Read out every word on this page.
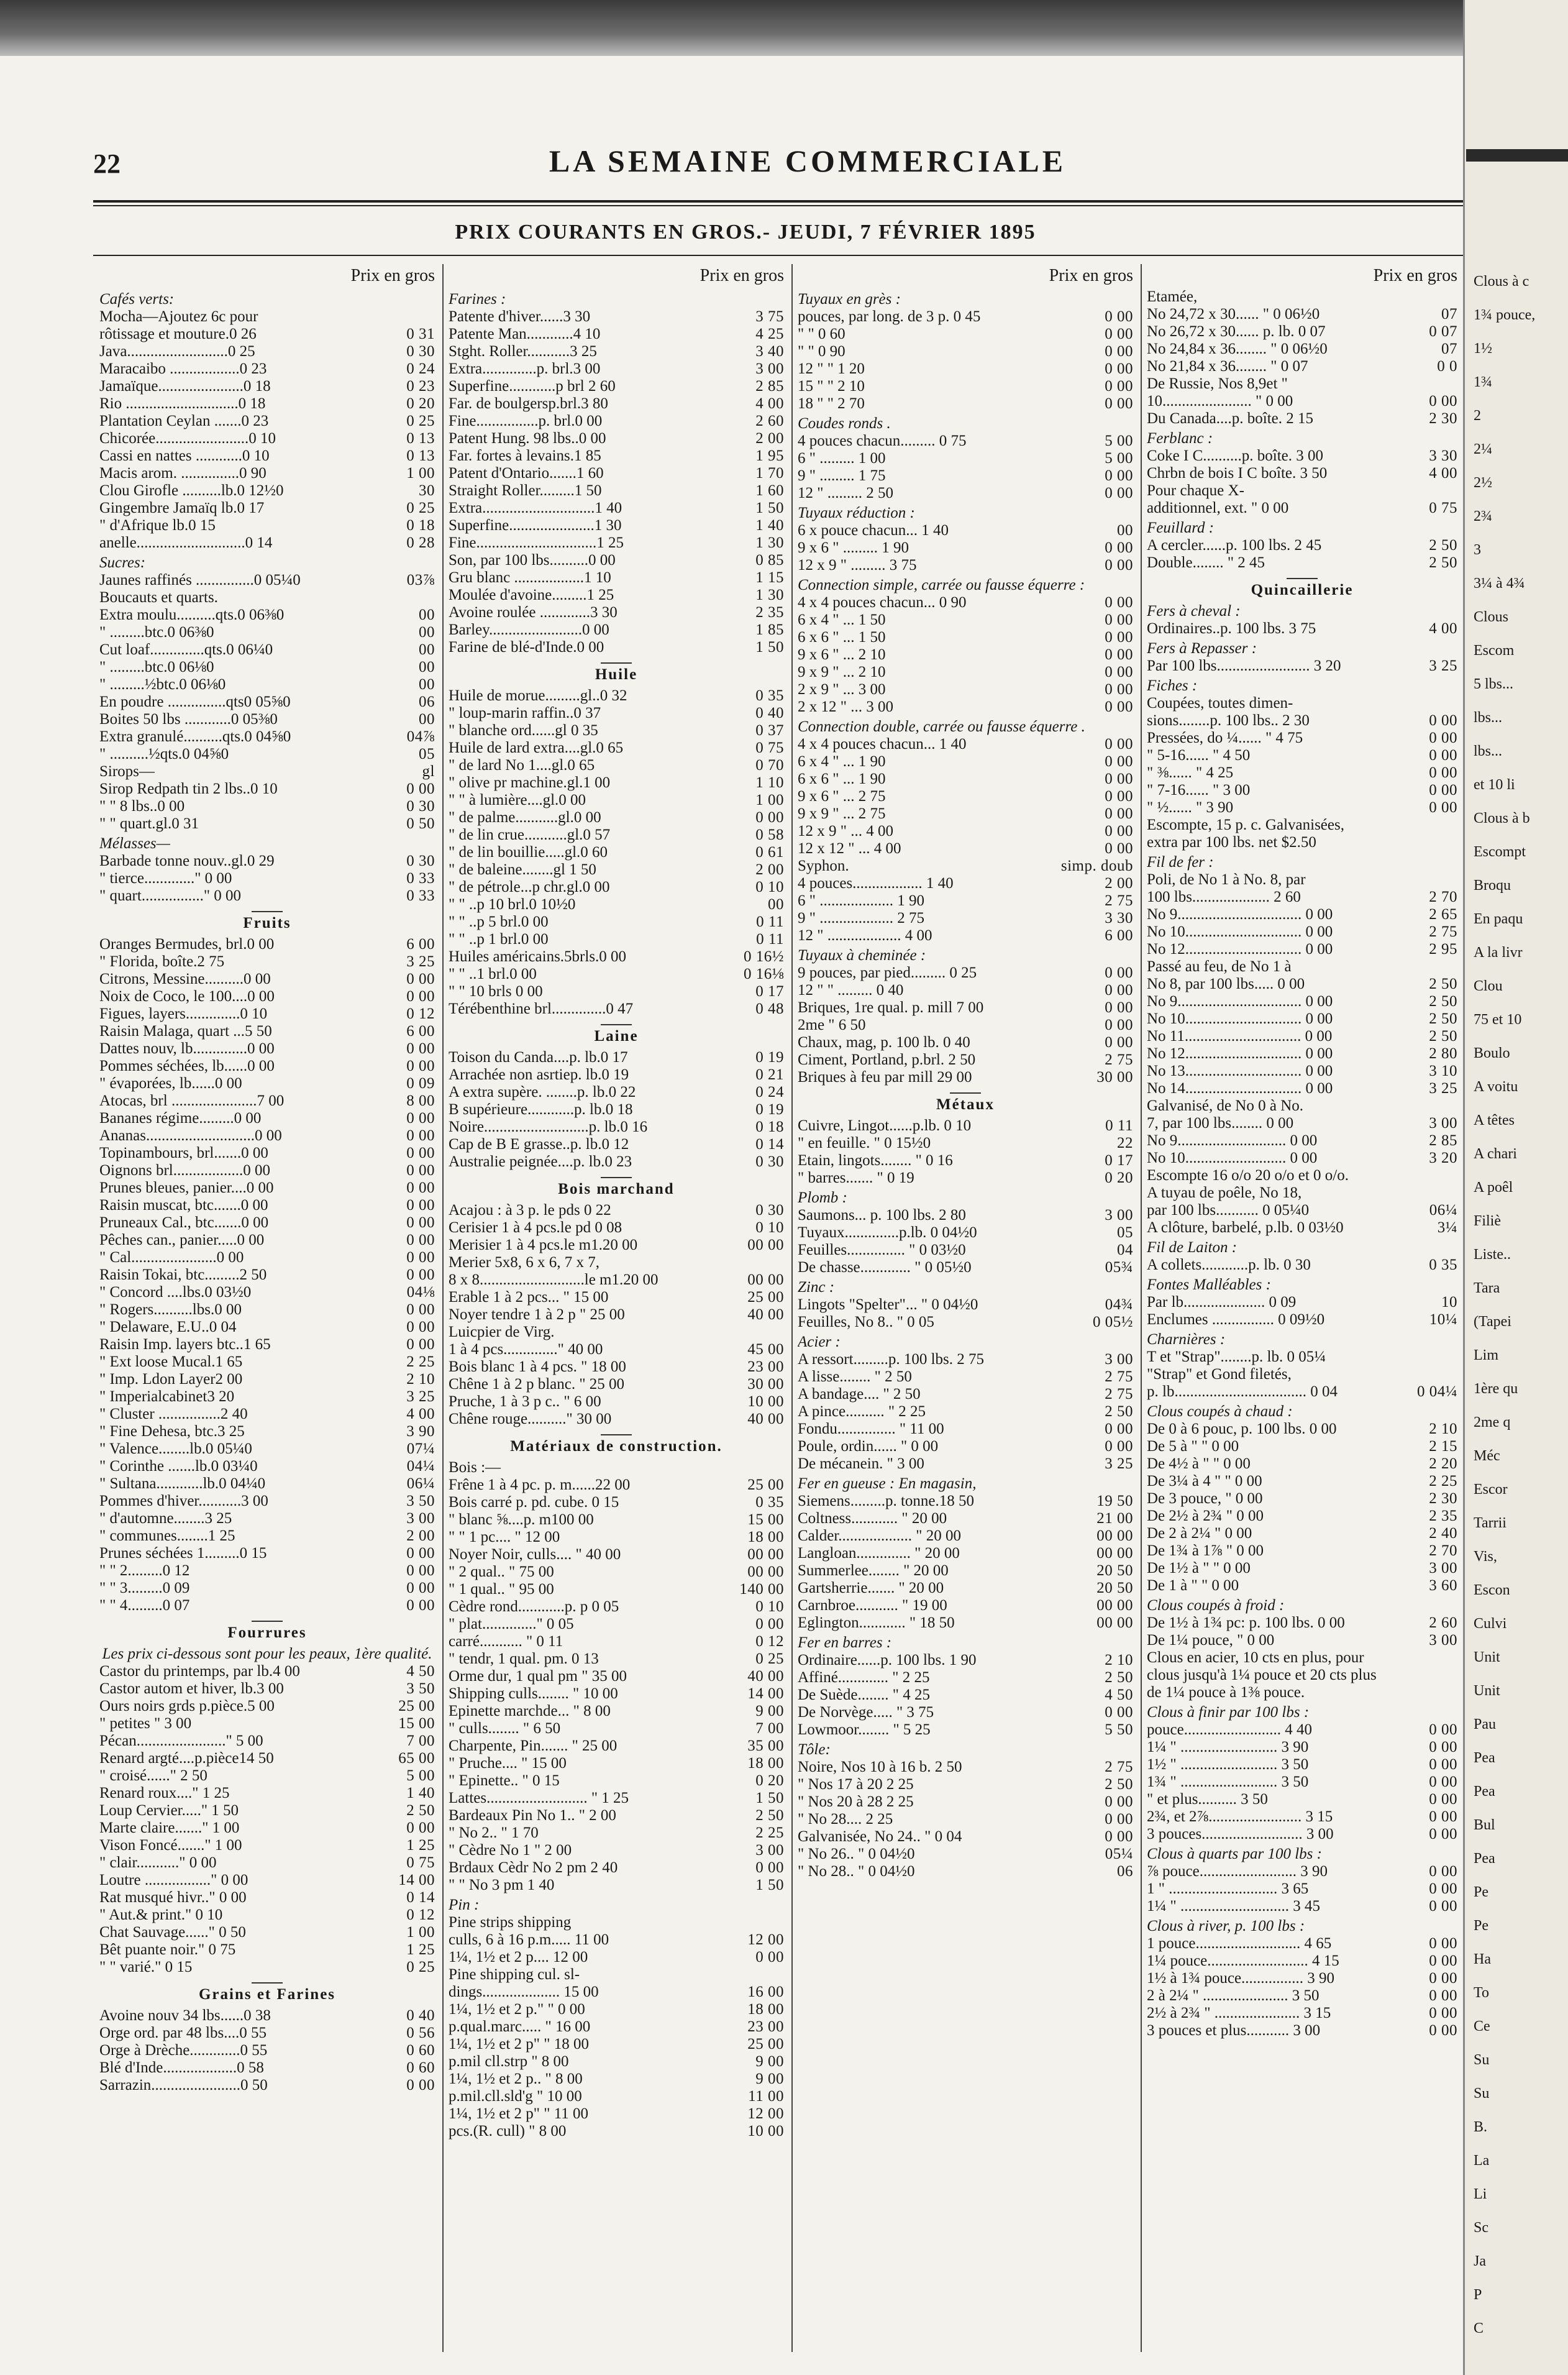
22	LA SEMAINE COMMERCIALE
PRIX COURANTS EN GROS.- JEUDI, 7 FÉVRIER 1895
Prix en gros
Cafés verts:
Mocha—Ajoutez 6c pour
rôtissage et mouture.0 26	0 31
Java..........................0 25	0 30
Maracaibo ..................0 23	0 24
Jamaïque......................0 18	0 23
Rio .............................0 18	0 20
Plantation Ceylan .......0 23	0 25
Chicorée........................0 10	0 13
Cassi en nattes ............0 10	0 13
Macis arom. ...............0 90	1 00
Clou Girofle ..........lb.0 12½0	30
Gingembre Jamaïq lb.0 17	0 25
" d'Afrique lb.0 15	0 18
anelle............................0 14	0 28
Sucres:
Jaunes raffinés ...............0 05¼0	03⅞
Boucauts et quarts.
Extra moulu..........qts.0 06⅜0	00
" .........btc.0 06⅜0	00
Cut loaf..............qts.0 06¼0	00
" .........btc.0 06⅛0	00
" .........½btc.0 06⅛0	00
En poudre ...............qts0 05⅝0	06
Boites 50 lbs ............0 05⅜0	00
Extra granulé..........qts.0 04⅝0	04⅞
" ..........½qts.0 04⅝0	05
Sirops—	gl
Sirop Redpath tin 2 lbs..0 10	0 00
" " 8 lbs..0 00	0 30
" " quart.gl.0 31	0 50
Mélasses—
Barbade tonne nouv..gl.0 29	0 30
" tierce............." 0 00	0 33
" quart................" 0 00	0 33
Fruits
Oranges Bermudes, brl.0 00	6 00
" Florida, boîte.2 75	3 25
Citrons, Messine..........0 00	0 00
Noix de Coco, le 100....0 00	0 00
Figues, layers..............0 10	0 12
Raisin Malaga, quart ...5 50	6 00
Dattes nouv, lb..............0 00	0 00
Pommes séchées, lb......0 00	0 00
" évaporées, lb......0 00	0 09
Atocas, brl ......................7 00	8 00
Bananes régime.........0 00	0 00
Ananas............................0 00	0 00
Topinambours, brl.......0 00	0 00
Oignons brl..................0 00	0 00
Prunes bleues, panier....0 00	0 00
Raisin muscat, btc.......0 00	0 00
Pruneaux Cal., btc.......0 00	0 00
Pêches can., panier.....0 00	0 00
" Cal......................0 00	0 00
Raisin Tokai, btc.........2 50	0 00
" Concord ....lbs.0 03½0	04⅛
" Rogers..........lbs.0 00	0 00
" Delaware, E.U..0 04	0 00
Raisin Imp. layers btc..1 65	0 00
" Ext loose Mucal.1 65	2 25
" Imp. Ldon Layer2 00	2 10
" Imperialcabinet3 20	3 25
" Cluster ................2 40	4 00
" Fine Dehesa, btc.3 25	3 90
" Valence........lb.0 05¼0	07¼
" Corinthe .......lb.0 03¼0	04¼
" Sultana............lb.0 04¼0	06¼
Pommes d'hiver...........3 00	3 50
" d'automne........3 25	3 00
" communes........1 25	2 00
Prunes séchées 1.........0 15	0 00
" " 2.........0 12	0 00
" " 3.........0 09	0 00
" " 4.........0 07	0 00
Fourrures
Les prix ci-dessous sont pour les peaux, 1ère qualité.
Castor du printemps, par lb.4 00	4 50
Castor autom et hiver, lb.3 00	3 50
Ours noirs grds p.pièce.5 00	25 00
" petites " 3 00	15 00
Pécan......................." 5 00	7 00
Renard argté....p.pièce14 50	65 00
" croisé......" 2 50	5 00
Renard roux...." 1 25	1 40
Loup Cervier....." 1 50	2 50
Marte claire......." 1 00	0 00
Vison Foncé......." 1 00	1 25
" clair..........." 0 00	0 75
Loutre ................." 0 00	14 00
Rat musqué hivr.." 0 00	0 14
" Aut.& print." 0 10	0 12
Chat Sauvage......" 0 50	1 00
Bêt puante noir." 0 75	1 25
" " varié." 0 15	0 25
Grains et Farines
Avoine nouv 34 lbs......0 38	0 40
Orge ord. par 48 lbs....0 55	0 56
Orge à Drèche.............0 55	0 60
Blé d'Inde...................0 58	0 60
Sarrazin.......................0 50	0 00
Prix en gros
Farines :
Patente d'hiver......3 30	3 75
Patente Man............4 10	4 25
Stght. Roller...........3 25	3 40
Extra..............p. brl.3 00	3 00
Superfine............p brl 2 60	2 85
Far. de boulgersp.brl.3 80	4 00
Fine................p. brl.0 00	2 60
Patent Hung. 98 lbs..0 00	2 00
Far. fortes à levains.1 85	1 95
Patent d'Ontario.......1 60	1 70
Straight Roller.........1 50	1 60
Extra.............................1 40	1 50
Superfine......................1 30	1 40
Fine...............................1 25	1 30
Son, par 100 lbs..........0 00	0 85
Gru blanc ..................1 10	1 15
Moulée d'avoine.........1 25	1 30
Avoine roulée .............3 30	2 35
Barley........................0 00	1 85
Farine de blé-d'Inde.0 00	1 50
Huile
Huile de morue.........gl..0 32	0 35
" loup-marin raffin..0 37	0 40
" blanche ord......gl 0 35	0 37
Huile de lard extra....gl.0 65	0 75
" de lard No 1....gl.0 65	0 70
" olive pr machine.gl.1 00	1 10
" " à lumière....gl.0 00	1 00
" de palme...........gl.0 00	0 00
" de lin crue...........gl.0 57	0 58
" de lin bouillie.....gl.0 60	0 61
" de baleine........gl 1 50	2 00
" de pétrole...p chr.gl.0 00	0 10
" " ..p 10 brl.0 10½0	00
" " ..p 5 brl.0 00	0 11
" " ..p 1 brl.0 00	0 11
Huiles américains.5brls.0 00	0 16½
" " ..1 brl.0 00	0 16⅛
" " 10 brls 0 00	0 17
Térébenthine brl..............0 47	0 48
Laine
Toison du Canda....p. lb.0 17	0 19
Arrachée non asrtiep. lb.0 19	0 21
A extra supère. ........p. lb.0 22	0 24
B supérieure............p. lb.0 18	0 19
Noire...........................p. lb.0 16	0 18
Cap de B E grasse..p. lb.0 12	0 14
Australie peignée....p. lb.0 23	0 30
Bois marchand
Acajou : à 3 p. le pds 0 22	0 30
Cerisier 1 à 4 pcs.le pd 0 08	0 10
Merisier 1 à 4 pcs.le m1.20 00	00 00
Merier 5x8, 6 x 6, 7 x 7,
8 x 8...........................le m1.20 00	00 00
Erable 1 à 2 pcs... " 15 00	25 00
Noyer tendre 1 à 2 p " 25 00	40 00
Luicpier de Virg.
1 à 4 pcs.............." 40 00	45 00
Bois blanc 1 à 4 pcs. " 18 00	23 00
Chêne 1 à 2 p blanc. " 25 00	30 00
Pruche, 1 à 3 p c.. " 6 00	10 00
Chêne rouge.........." 30 00	40 00
Matériaux de construction.
Bois :—
Frêne 1 à 4 pc. p. m......22 00	25 00
Bois carré p. pd. cube. 0 15	0 35
" blanc ⅝....p. m100 00	15 00
" " 1 pc.... " 12 00	18 00
Noyer Noir, culls.... " 40 00	00 00
" 2 qual.. " 75 00	00 00
" 1 qual.. " 95 00	140 00
Cèdre rond............p. p 0 05	0 10
" plat.............." 0 05	0 00
carré........... " 0 11	0 12
" tendr, 1 qual. pm. 0 13	0 25
Orme dur, 1 qual pm " 35 00	40 00
Shipping culls........ " 10 00	14 00
Epinette marchde... " 8 00	9 00
" culls........ " 6 50	7 00
Charpente, Pin....... " 25 00	35 00
" Pruche.... " 15 00	18 00
" Epinette.. " 0 15	0 20
Lattes.......................... " 1 25	1 50
Bardeaux Pin No 1.. " 2 00	2 50
" No 2.. " 1 70	2 25
" Cèdre No 1 " 2 00	3 00
Brdaux Cèdr No 2 pm 2 40	0 00
" " No 3 pm 1 40	1 50
Pin :
Pine strips shipping
culls, 6 à 16 p.m..... 11 00	12 00
1¼, 1½ et 2 p.... 12 00	0 00
Pine shipping cul. sl-
dings.................... 15 00	16 00
1¼, 1½ et 2 p." " 0 00	18 00
p.qual.marc..... " 16 00	23 00
1¼, 1½ et 2 p" " 18 00	25 00
p.mil cll.strp " 8 00	9 00
1¼, 1½ et 2 p.. " 8 00	9 00
p.mil.cll.sld'g " 10 00	11 00
1¼, 1½ et 2 p" " 11 00	12 00
pcs.(R. cull) " 8 00	10 00
Prix en gros
Tuyaux en grès :
pouces, par long. de 3 p. 0 45	0 00
" " 0 60	0 00
" " 0 90	0 00
12 " " 1 20	0 00
15 " " 2 10	0 00
18 " " 2 70	0 00
Coudes ronds .
4 pouces chacun......... 0 75	5 00
6 " ......... 1 00	5 00
9 " ......... 1 75	0 00
12 " ......... 2 50	0 00
Tuyaux réduction :
6 x pouce chacun... 1 40	00
9 x 6 " ......... 1 90	0 00
12 x 9 " ......... 3 75	0 00
Connection simple, carrée ou fausse équerre :
4 x 4 pouces chacun... 0 90	0 00
6 x 4 " ... 1 50	0 00
6 x 6 " ... 1 50	0 00
9 x 6 " ... 2 10	0 00
9 x 9 " ... 2 10	0 00
2 x 9 " ... 3 00	0 00
2 x 12 " ... 3 00	0 00
Connection double, carrée ou fausse équerre .
4 x 4 pouces chacun... 1 40	0 00
6 x 4 " ... 1 90	0 00
6 x 6 " ... 1 90	0 00
9 x 6 " ... 2 75	0 00
9 x 9 " ... 2 75	0 00
12 x 9 " ... 4 00	0 00
12 x 12 " ... 4 00	0 00
Syphon.	simp. doub
4 pouces.................. 1 40	2 00
6 " ................... 1 90	2 75
9 " ................... 2 75	3 30
12 " ................... 4 00	6 00
Tuyaux à cheminée :
9 pouces, par pied......... 0 25	0 00
12 " " ......... 0 40	0 00
Briques, 1re qual. p. mill 7 00	0 00
2me " 6 50	0 00
Chaux, mag, p. 100 lb. 0 40	0 00
Ciment, Portland, p.brl. 2 50	2 75
Briques à feu par mill 29 00	30 00
Métaux
Cuivre, Lingot......p.lb. 0 10	0 11
" en feuille. " 0 15½0	22
Etain, lingots........ " 0 16	0 17
" barres....... " 0 19	0 20
Plomb :
Saumons... p. 100 lbs. 2 80	3 00
Tuyaux..............p.lb. 0 04½0	05
Feuilles............... " 0 03½0	04
De chasse............. " 0 05½0	05¾
Zinc :
Lingots "Spelter"... " 0 04½0	04¾
Feuilles, No 8.. " 0 05	0 05½
Acier :
A ressort.........p. 100 lbs. 2 75	3 00
A lisse........ " 2 50	2 75
A bandage.... " 2 50	2 75
A pince.......... " 2 25	2 50
Fondu............... " 11 00	0 00
Poule, ordin...... " 0 00	0 00
De mécanein. " 3 00	3 25
Fer en gueuse : En magasin,
Siemens.........p. tonne.18 50	19 50
Coltness............ " 20 00	21 00
Calder................... " 20 00	00 00
Langloan.............. " 20 00	00 00
Summerlee........ " 20 00	20 50
Gartsherrie....... " 20 00	20 50
Carnbroe........... " 19 00	00 00
Eglington............ " 18 50	00 00
Fer en barres :
Ordinaire......p. 100 lbs. 1 90	2 10
Affiné............. " 2 25	2 50
De Suède........ " 4 25	4 50
De Norvège..... " 3 75	0 00
Lowmoor........ " 5 25	5 50
Tôle:
Noire, Nos 10 à 16 b. 2 50	2 75
" Nos 17 à 20 2 25	2 50
" Nos 20 à 28 2 25	0 00
" No 28.... 2 25	0 00
Galvanisée, No 24.. " 0 04	0 00
" No 26.. " 0 04½0	05¼
" No 28.. " 0 04½0	06
Prix en gros
Etamée,
No 24,72 x 30...... " 0 06½0	07
No 26,72 x 30...... p. lb. 0 07	0 07
No 24,84 x 36........ " 0 06½0	07
No 21,84 x 36........ " 0 07	0 0
De Russie, Nos 8,9et "
10....................... " 0 00	0 00
Du Canada....p. boîte. 2 15	2 30
Ferblanc :
Coke I C..........p. boîte. 3 00	3 30
Chrbn de bois I C boîte. 3 50	4 00
Pour chaque X-
additionnel, ext. " 0 00	0 75
Feuillard :
A cercler......p. 100 lbs. 2 45	2 50
Double........ " 2 45	2 50
Quincaillerie
Fers à cheval :
Ordinaires..p. 100 lbs. 3 75	4 00
Fers à Repasser :
Par 100 lbs........................ 3 20	3 25
Fiches :
Coupées, toutes dimen-
sions........p. 100 lbs.. 2 30	0 00
Pressées, do ¼...... " 4 75	0 00
" 5-16...... " 4 50	0 00
" ⅜...... " 4 25	0 00
" 7-16...... " 3 00	0 00
" ½...... " 3 90	0 00
Escompte, 15 p. c. Galvanisées,
extra par 100 lbs. net $2.50
Fil de fer :
Poli, de No 1 à No. 8, par
100 lbs.................... 2 60	2 70
No 9................................ 0 00	2 65
No 10.............................. 0 00	2 75
No 12.............................. 0 00	2 95
Passé au feu, de No 1 à
No 8, par 100 lbs..... 0 00	2 50
No 9................................ 0 00	2 50
No 10.............................. 0 00	2 50
No 11.............................. 0 00	2 50
No 12.............................. 0 00	2 80
No 13.............................. 0 00	3 10
No 14.............................. 0 00	3 25
Galvanisé, de No 0 à No.
7, par 100 lbs........ 0 00	3 00
No 9............................ 0 00	2 85
No 10.......................... 0 00	3 20
Escompte 16 o/o 20 o/o et 0 o/o.
A tuyau de poêle, No 18,
par 100 lbs........... 0 05¼0	06¼
A clôture, barbelé, p.lb. 0 03½0	3¼
Fil de Laiton :
A collets............p. lb. 0 30	0 35
Fontes Malléables :
Par lb..................... 0 09	10
Enclumes ................ 0 09½0	10¼
Charnières :
T et "Strap"........p. lb. 0 05¼
"Strap" et Gond filetés,
p. lb.................................. 0 04	0 04¼
Clous coupés à chaud :
De 0 à 6 pouc, p. 100 lbs. 0 00	2 10
De 5 à " " 0 00	2 15
De 4½ à " " 0 00	2 20
De 3¼ à 4 " " 0 00	2 25
De 3 pouce, " 0 00	2 30
De 2½ à 2¾ " 0 00	2 35
De 2 à 2¼ " 0 00	2 40
De 1¾ à 1⅞ " 0 00	2 70
De 1½ à " " 0 00	3 00
De 1 à " " 0 00	3 60
Clous coupés à froid :
De 1½ à 1¾ pc: p. 100 lbs. 0 00	2 60
De 1¼ pouce, " 0 00	3 00
Clous en acier, 10 cts en plus, pour
clous jusqu'à 1¼ pouce et 20 cts plus
de 1¼ pouce à 1⅜ pouce.
Clous à finir par 100 lbs :
pouce......................... 4 40	0 00
1¼ " ......................... 3 90	0 00
1½ " ......................... 3 50	0 00
1¾ " ......................... 3 50	0 00
" et plus.......... 3 50	0 00
2¾, et 2⅞........................ 3 15	0 00
3 pouces.......................... 3 00	0 00
Clous à quarts par 100 lbs :
⅞ pouce......................... 3 90	0 00
1 " ............................ 3 65	0 00
1¼ " ............................ 3 45	0 00
Clous à river, p. 100 lbs :
1 pouce........................... 4 65	0 00
1¼ pouce.......................... 4 15	0 00
1½ à 1¾ pouce................ 3 90	0 00
2 à 2¼ " ...................... 3 50	0 00
2½ à 2¾ " ...................... 3 15	0 00
3 pouces et plus........... 3 00	0 00
Clous à c
1¾ pouce,
1½
1¾
2
2¼
2½
2¾
3
3¼ à 4¾
Clous
Escom
5 lbs...
lbs...
lbs...
et 10 li
Clous à b
Escompt
Broqu
En paqu
A la livr
Clou
75 et 10
Boulo
A voitu
A têtes
A chari
A poêl
Filiè
Liste..
Tara
(Tapei
Lim
1ère qu
2me q
Méc
Escor
Tarrii
Vis,
Escon
Culvi
Unit
Unit
Pau
Pea
Pea
Bul
Pea
Pe
Pe
Ha
To
Ce
Su
Su
B.
La
Li
Sc
Ja
P
C
